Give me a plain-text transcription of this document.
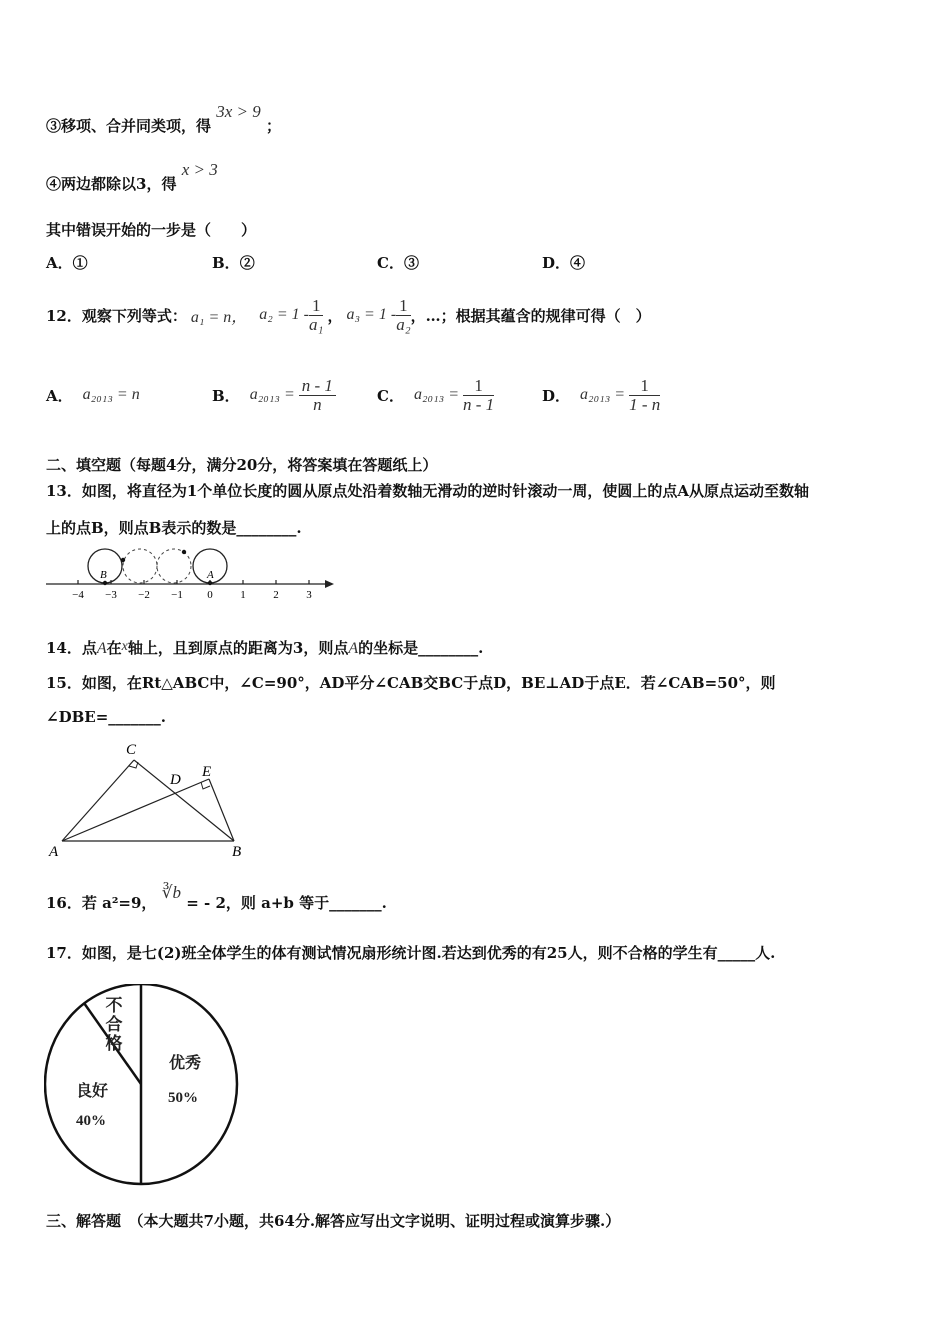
③移项、合并同类项，得 3x > 9 ；
④两边都除以3，得 x > 3
其中错误开始的一步是（　　）
A．①	B．②	C．③	D．④
12． 观察下列等式： a₁ = n， $a_2 = 1 - \frac{1}{\text{a₁}}$ ， $a_3 = 1 - \frac{1}{\text{a₂}}$ ，…；根据其蕴含的规律可得（　）
A． a₂₀₁₃ = n	B． $a_{2013} = \frac{n - 1}{n}$	C． $a_{2013} = \frac{1}{n - 1}$	D． $a_{2013} = \frac{1}{1 - n}$
二、填空题（每题4分，满分20分，将答案填在答题纸上）
13．如图，将直径为1个单位长度的圆从原点处沿着数轴无滑动的逆时针滚动一周，使圆上的点A从原点运动至数轴
上的点B，则点B表示的数是________.
A
B
−4 −3 −2 −1 0	1	2	3
14．点A在x轴上，且到原点的距离为3，则点A的坐标是________.
15．如图，在Rt△ABC中，∠C=90°，AD平分∠CAB交BC于点D，BE⊥AD于点E．若∠CAB=50°，则
∠DBE=_______.
C
D E
A	B
16．若 a²=9， ∛b = - 2，则 a+b 等于_______.
17．如图，是七(2)班全体学生的体有测试情况扇形统计图.若达到优秀的有25人，则不合格的学生有_____人.
优秀
50%
良好
40%
不
合
格
三、解答题　（本大题共7小题，共64分.解答应写出文字说明、证明过程或演算步骤.）
